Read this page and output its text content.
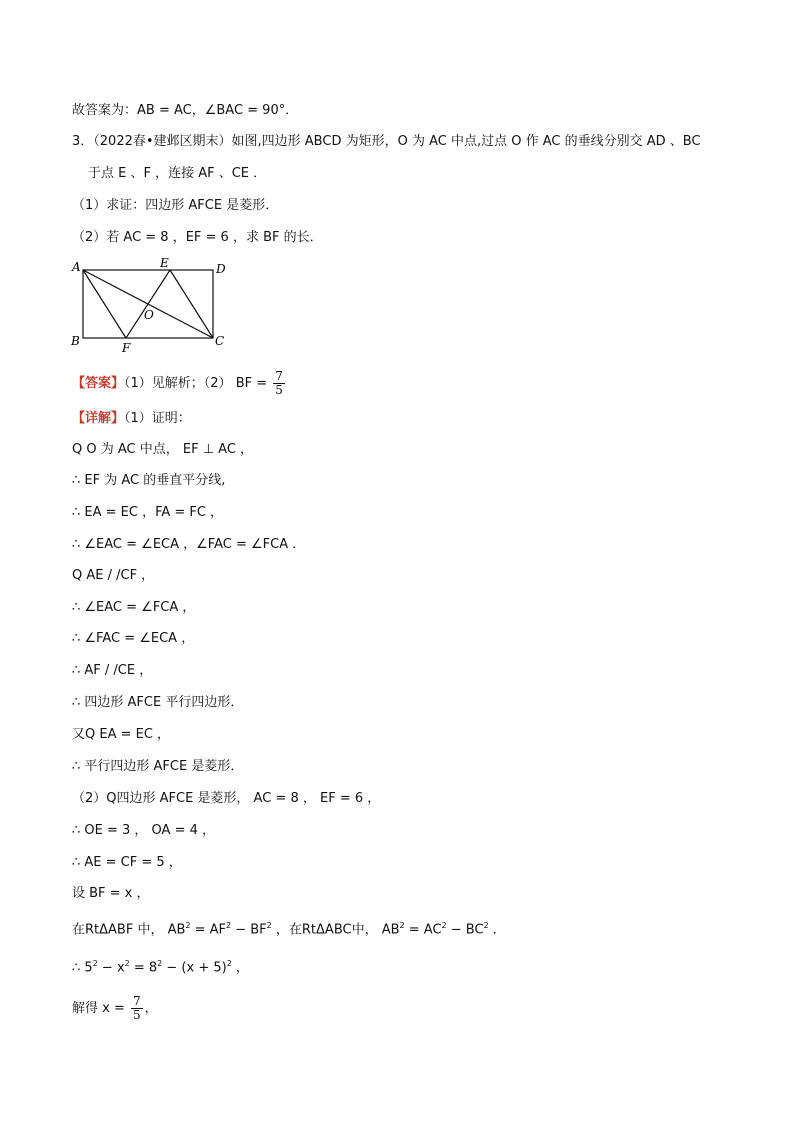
故答案为：AB = AC，∠BAC = 90°．
3．（2022春•建邺区期末）如图,四边形 ABCD 为矩形，O 为 AC 中点,过点 O 作 AC 的垂线分别交 AD 、BC
于点 E 、F ，连接 AF 、CE ．
（1）求证：四边形 AFCE 是菱形．
（2）若 AC = 8 ，EF = 6 ，求 BF 的长．
A
B	C
D
E
F
O
【答案】（1）见解析；（2） BF = $\frac{7}{5}$
【详解】（1）证明：
Q O 为 AC 中点， EF ⊥ AC ，
∴ EF 为 AC 的垂直平分线,
∴ EA = EC ，FA = FC ，
∴ ∠EAC = ∠ECA ，∠FAC = ∠FCA ．
Q AE / /CF ，
∴ ∠EAC = ∠FCA ，
∴ ∠FAC = ∠ECA ，
∴ AF / /CE ，
∴ 四边形 AFCE 平行四边形．
又Q EA = EC ，
∴ 平行四边形 AFCE 是菱形．
（2）Q四边形 AFCE 是菱形， AC = 8 ， EF = 6 ，
∴ OE = 3 ， OA = 4 ，
∴ AE = CF = 5 ，
设 BF = x ，
在RtΔABF 中， $AB^2 = AF^2 - BF^2$ ，在RtΔABC中， $AB^2 = AC^2 - BC^2$ ．
∴ $5^2 - x^2 = 8^2 - (x + 5)^2$ ，
解得 $x = \frac{7}{5}$ ，
